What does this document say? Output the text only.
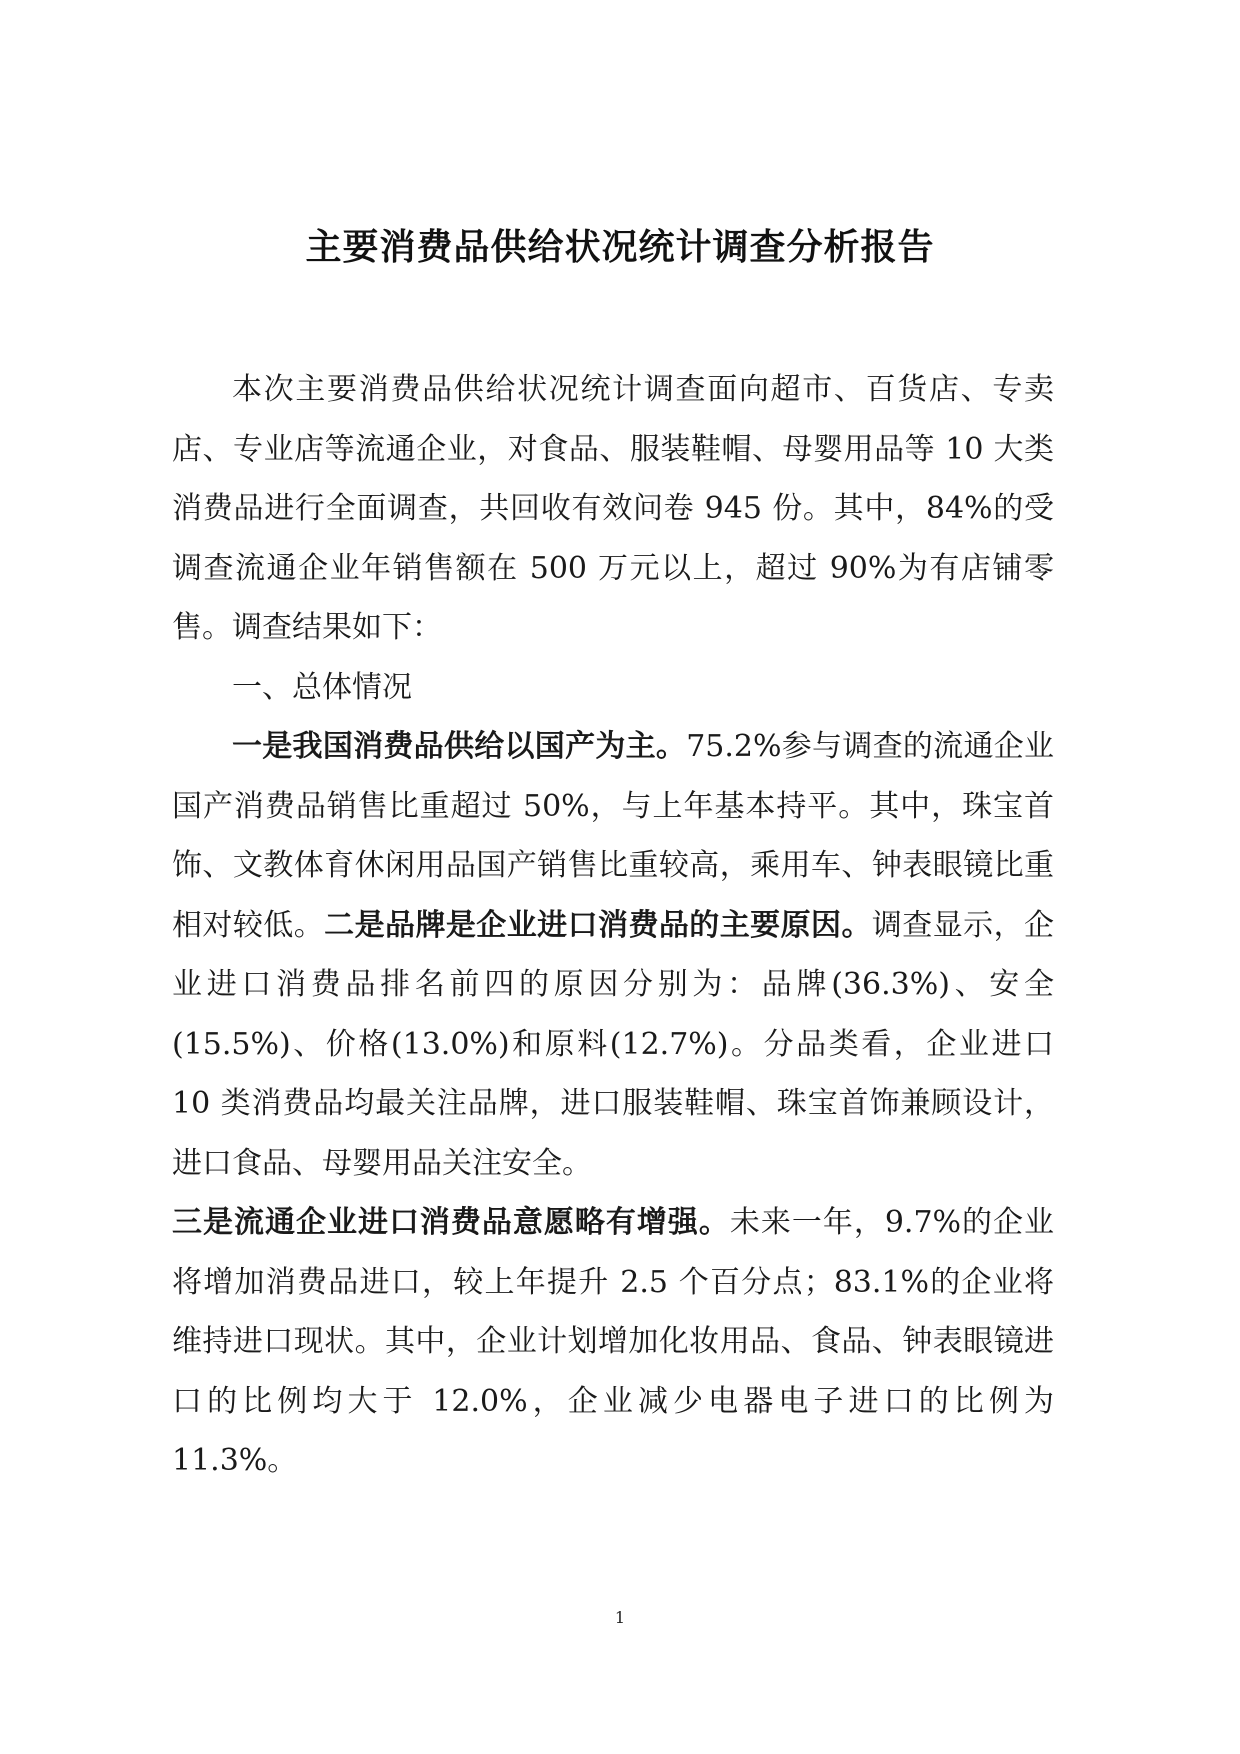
主要消费品供给状况统计调查分析报告

本次主要消费品供给状况统计调查面向超市、百货店、专卖店、专业店等流通企业，对食品、服装鞋帽、母婴用品等 10 大类消费品进行全面调查，共回收有效问卷 945 份。其中，84%的受调查流通企业年销售额在 500 万元以上，超过 90%为有店铺零售。调查结果如下：

一、总体情况

一是我国消费品供给以国产为主。75.2%参与调查的流通企业国产消费品销售比重超过 50%，与上年基本持平。其中，珠宝首饰、文教体育休闲用品国产销售比重较高，乘用车、钟表眼镜比重相对较低。二是品牌是企业进口消费品的主要原因。调查显示，企业进口消费品排名前四的原因分别为：品牌(36.3%)、安全(15.5%)、价格(13.0%)和原料(12.7%)。分品类看，企业进口 10 类消费品均最关注品牌，进口服装鞋帽、珠宝首饰兼顾设计，进口食品、母婴用品关注安全。

三是流通企业进口消费品意愿略有增强。未来一年，9.7%的企业将增加消费品进口，较上年提升 2.5 个百分点；83.1%的企业将维持进口现状。其中，企业计划增加化妆用品、食品、钟表眼镜进口的比例均大于 12.0%，企业减少电器电子进口的比例为 11.3%。

1
